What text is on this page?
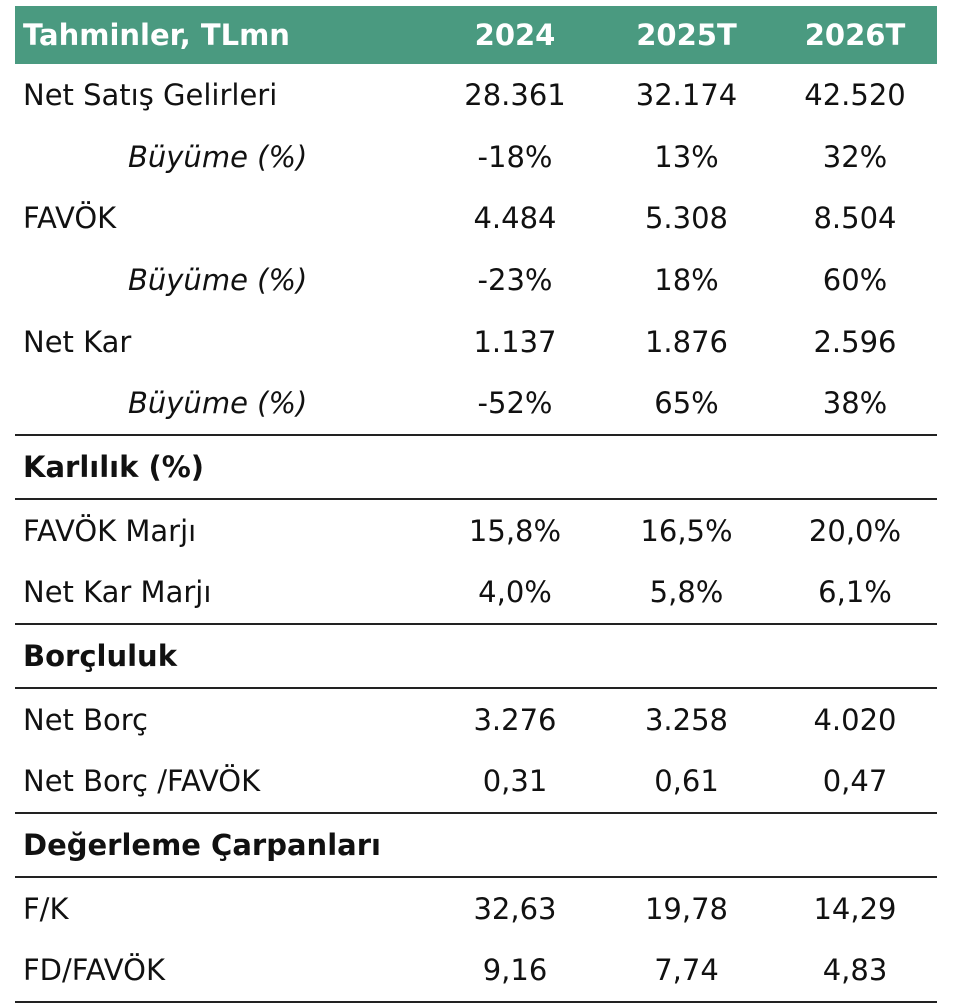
Tahminler, TLmn	2024	2025T	2026T
Net Satış Gelirleri	28.361	32.174	42.520
Büyüme (%)	-18%	13%	32%
FAVÖK	4.484	5.308	8.504
Büyüme (%)	-23%	18%	60%
Net Kar	1.137	1.876	2.596
Büyüme (%)	-52%	65%	38%
Karlılık (%)
FAVÖK Marjı	15,8%	16,5%	20,0%
Net Kar Marjı	4,0%	5,8%	6,1%
Borçluluk
Net Borç	3.276	3.258	4.020
Net Borç /FAVÖK	0,31	0,61	0,47
Değerleme Çarpanları
F/K	32,63	19,78	14,29
FD/FAVÖK	9,16	7,74	4,83
